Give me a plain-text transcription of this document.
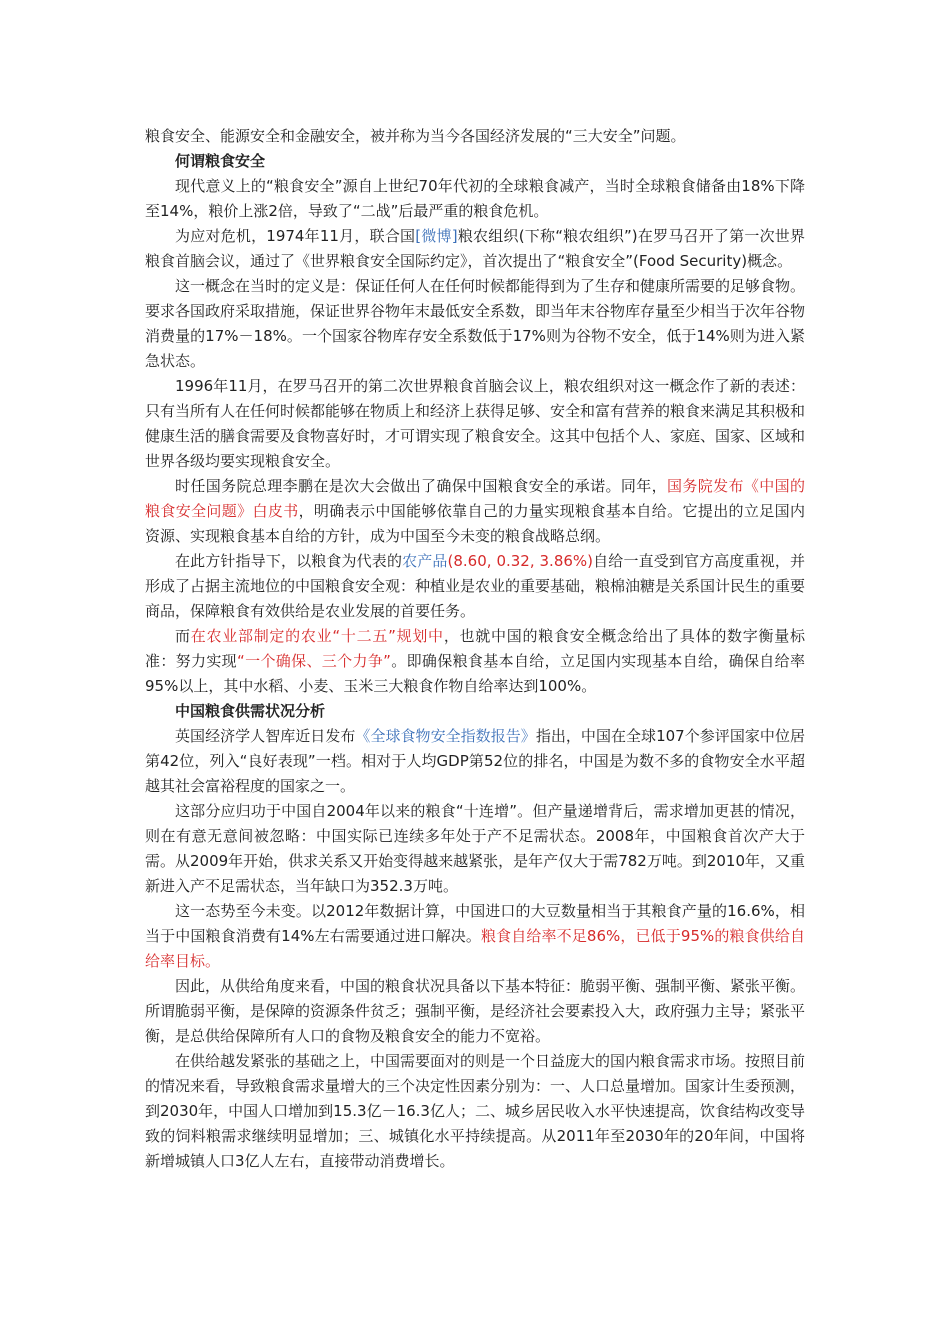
粮食安全、能源安全和金融安全，被并称为当今各国经济发展的“三大安全”问题。

何谓粮食安全

现代意义上的“粮食安全”源自上世纪70年代初的全球粮食减产，当时全球粮食储备由18%下降至14%，粮价上涨2倍，导致了“二战”后最严重的粮食危机。

为应对危机，1974年11月，联合国[微博]粮农组织(下称“粮农组织”)在罗马召开了第一次世界粮食首脑会议，通过了《世界粮食安全国际约定》，首次提出了“粮食安全”(Food Security)概念。

这一概念在当时的定义是：保证任何人在任何时候都能得到为了生存和健康所需要的足够食物。要求各国政府采取措施，保证世界谷物年末最低安全系数，即当年末谷物库存量至少相当于次年谷物消费量的17%－18%。一个国家谷物库存安全系数低于17%则为谷物不安全，低于14%则为进入紧急状态。

1996年11月，在罗马召开的第二次世界粮食首脑会议上，粮农组织对这一概念作了新的表述：只有当所有人在任何时候都能够在物质上和经济上获得足够、安全和富有营养的粮食来满足其积极和健康生活的膳食需要及食物喜好时，才可谓实现了粮食安全。这其中包括个人、家庭、国家、区域和世界各级均要实现粮食安全。

时任国务院总理李鹏在是次大会做出了确保中国粮食安全的承诺。同年，国务院发布《中国的粮食安全问题》白皮书，明确表示中国能够依靠自己的力量实现粮食基本自给。它提出的立足国内资源、实现粮食基本自给的方针，成为中国至今未变的粮食战略总纲。

在此方针指导下，以粮食为代表的农产品(8.60, 0.32, 3.86%)自给一直受到官方高度重视，并形成了占据主流地位的中国粮食安全观：种植业是农业的重要基础，粮棉油糖是关系国计民生的重要商品，保障粮食有效供给是农业发展的首要任务。

而在农业部制定的农业“十二五”规划中，也就中国的粮食安全概念给出了具体的数字衡量标准：努力实现“一个确保、三个力争”。即确保粮食基本自给，立足国内实现基本自给，确保自给率95%以上，其中水稻、小麦、玉米三大粮食作物自给率达到100%。

中国粮食供需状况分析

英国经济学人智库近日发布《全球食物安全指数报告》指出，中国在全球107个参评国家中位居第42位，列入“良好表现”一档。相对于人均GDP第52位的排名，中国是为数不多的食物安全水平超越其社会富裕程度的国家之一。

这部分应归功于中国自2004年以来的粮食“十连增”。但产量递增背后，需求增加更甚的情况，则在有意无意间被忽略：中国实际已连续多年处于产不足需状态。2008年，中国粮食首次产大于需。从2009年开始，供求关系又开始变得越来越紧张，是年产仅大于需782万吨。到2010年，又重新进入产不足需状态，当年缺口为352.3万吨。

这一态势至今未变。以2012年数据计算，中国进口的大豆数量相当于其粮食产量的16.6%，相当于中国粮食消费有14%左右需要通过进口解决。粮食自给率不足86%，已低于95%的粮食供给自给率目标。

因此，从供给角度来看，中国的粮食状况具备以下基本特征：脆弱平衡、强制平衡、紧张平衡。所谓脆弱平衡，是保障的资源条件贫乏；强制平衡，是经济社会要素投入大，政府强力主导；紧张平衡，是总供给保障所有人口的食物及粮食安全的能力不宽裕。

在供给越发紧张的基础之上，中国需要面对的则是一个日益庞大的国内粮食需求市场。按照目前的情况来看，导致粮食需求量增大的三个决定性因素分别为：一、人口总量增加。国家计生委预测，到2030年，中国人口增加到15.3亿－16.3亿人；二、城乡居民收入水平快速提高，饮食结构改变导致的饲料粮需求继续明显增加；三、城镇化水平持续提高。从2011年至2030年的20年间，中国将新增城镇人口3亿人左右，直接带动消费增长。
